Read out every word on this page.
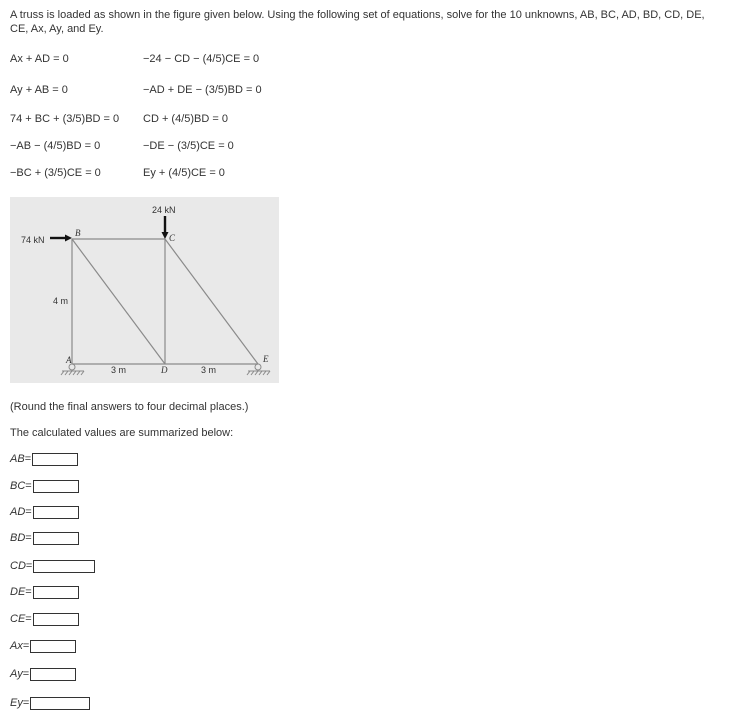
A truss is loaded as shown in the figure given below. Using the following set of equations, solve for the 10 unknowns, AB, BC, AD, BD, CD, DE, CE, Ax, Ay, and Ey.
Ax + AD = 0
Ay + AB = 0
74 + BC + (3/5)BD = 0
−AB − (4/5)BD = 0
−BC + (3/5)CE = 0
−24 − CD − (4/5)CE = 0
−AD + DE − (3/5)BD = 0
CD + (4/5)BD = 0
−DE − (3/5)CE = 0
Ey + (4/5)CE = 0
24 kN
74 kN
4 m
3 m	3 m
A
B	C
D
E
(Round the final answers to four decimal places.)
The calculated values are summarized below:
AB =
BC =
AD =
BD =
CD =
DE =
CE =
Ax =
Ay =
Ey =
